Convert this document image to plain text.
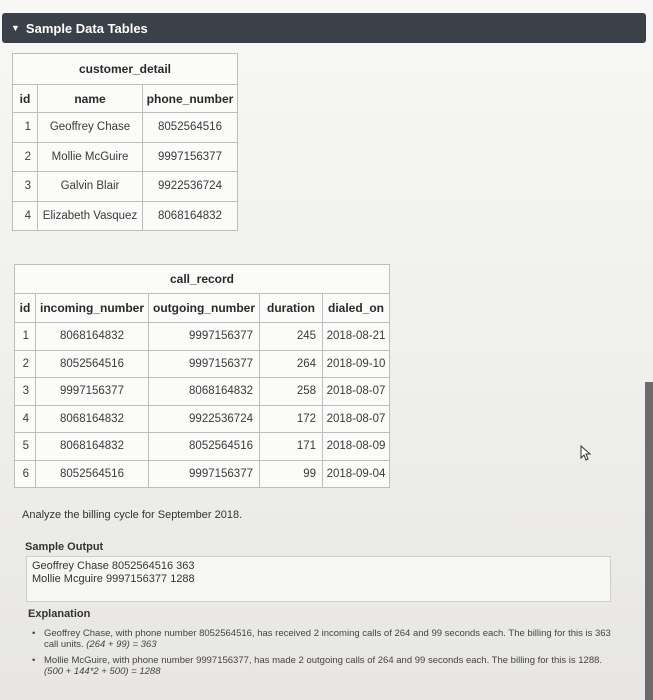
▼ Sample Data Tables
customer_detail		
id	name	phone_number
1	Geoffrey Chase	8052564516
2	Mollie McGuire	9997156377
3	Galvin Blair	9922536724
4	Elizabeth Vasquez	8068164832
call_record				
id	incoming_number	outgoing_number	duration	dialed_on
1	8068164832	9997156377	245	2018-08-21
2	8052564516	9997156377	264	2018-09-10
3	9997156377	8068164832	258	2018-08-07
4	8068164832	9922536724	172	2018-08-07
5	8068164832	8052564516	171	2018-08-09
6	8052564516	9997156377	99	2018-09-04
Analyze the billing cycle for September 2018.
Sample Output
Geoffrey Chase 8052564516 363
Mollie Mcguire 9997156377 1288
Explanation
• Geoffrey Chase, with phone number 8052564516, has received 2 incoming calls of 264 and 99 seconds each. The billing for this is 363 call units. (264 + 99) = 363
• Mollie McGuire, with phone number 9997156377, has made 2 outgoing calls of 264 and 99 seconds each. The billing for this is 1288. (500 + 144*2 + 500) = 1288
